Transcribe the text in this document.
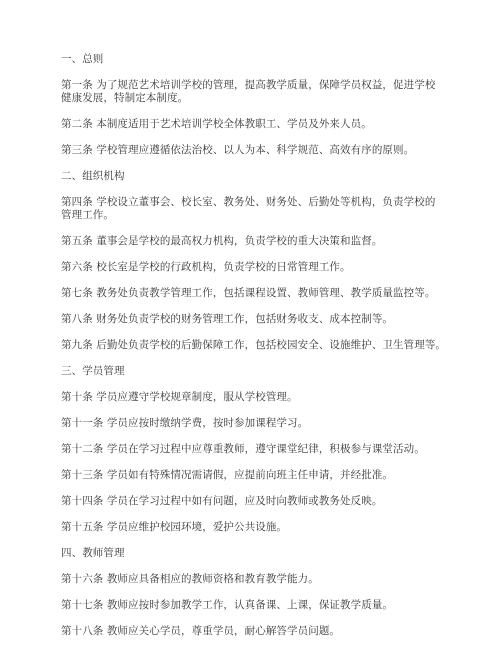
一、总则
第一条 为了规范艺术培训学校的管理，提高教学质量，保障学员权益，促进学校健康发展，特制定本制度。
第二条 本制度适用于艺术培训学校全体教职工、学员及外来人员。
第三条 学校管理应遵循依法治校、以人为本、科学规范、高效有序的原则。
二、组织机构
第四条 学校设立董事会、校长室、教务处、财务处、后勤处等机构，负责学校的管理工作。
第五条 董事会是学校的最高权力机构，负责学校的重大决策和监督。
第六条 校长室是学校的行政机构，负责学校的日常管理工作。
第七条 教务处负责教学管理工作，包括课程设置、教师管理、教学质量监控等。
第八条 财务处负责学校的财务管理工作，包括财务收支、成本控制等。
第九条 后勤处负责学校的后勤保障工作，包括校园安全、设施维护、卫生管理等。
三、学员管理
第十条 学员应遵守学校规章制度，服从学校管理。
第十一条 学员应按时缴纳学费，按时参加课程学习。
第十二条 学员在学习过程中应尊重教师，遵守课堂纪律，积极参与课堂活动。
第十三条 学员如有特殊情况需请假，应提前向班主任申请，并经批准。
第十四条 学员在学习过程中如有问题，应及时向教师或教务处反映。
第十五条 学员应维护校园环境，爱护公共设施。
四、教师管理
第十六条 教师应具备相应的教师资格和教育教学能力。
第十七条 教师应按时参加教学工作，认真备课、上课，保证教学质量。
第十八条 教师应关心学员，尊重学员，耐心解答学员问题。
